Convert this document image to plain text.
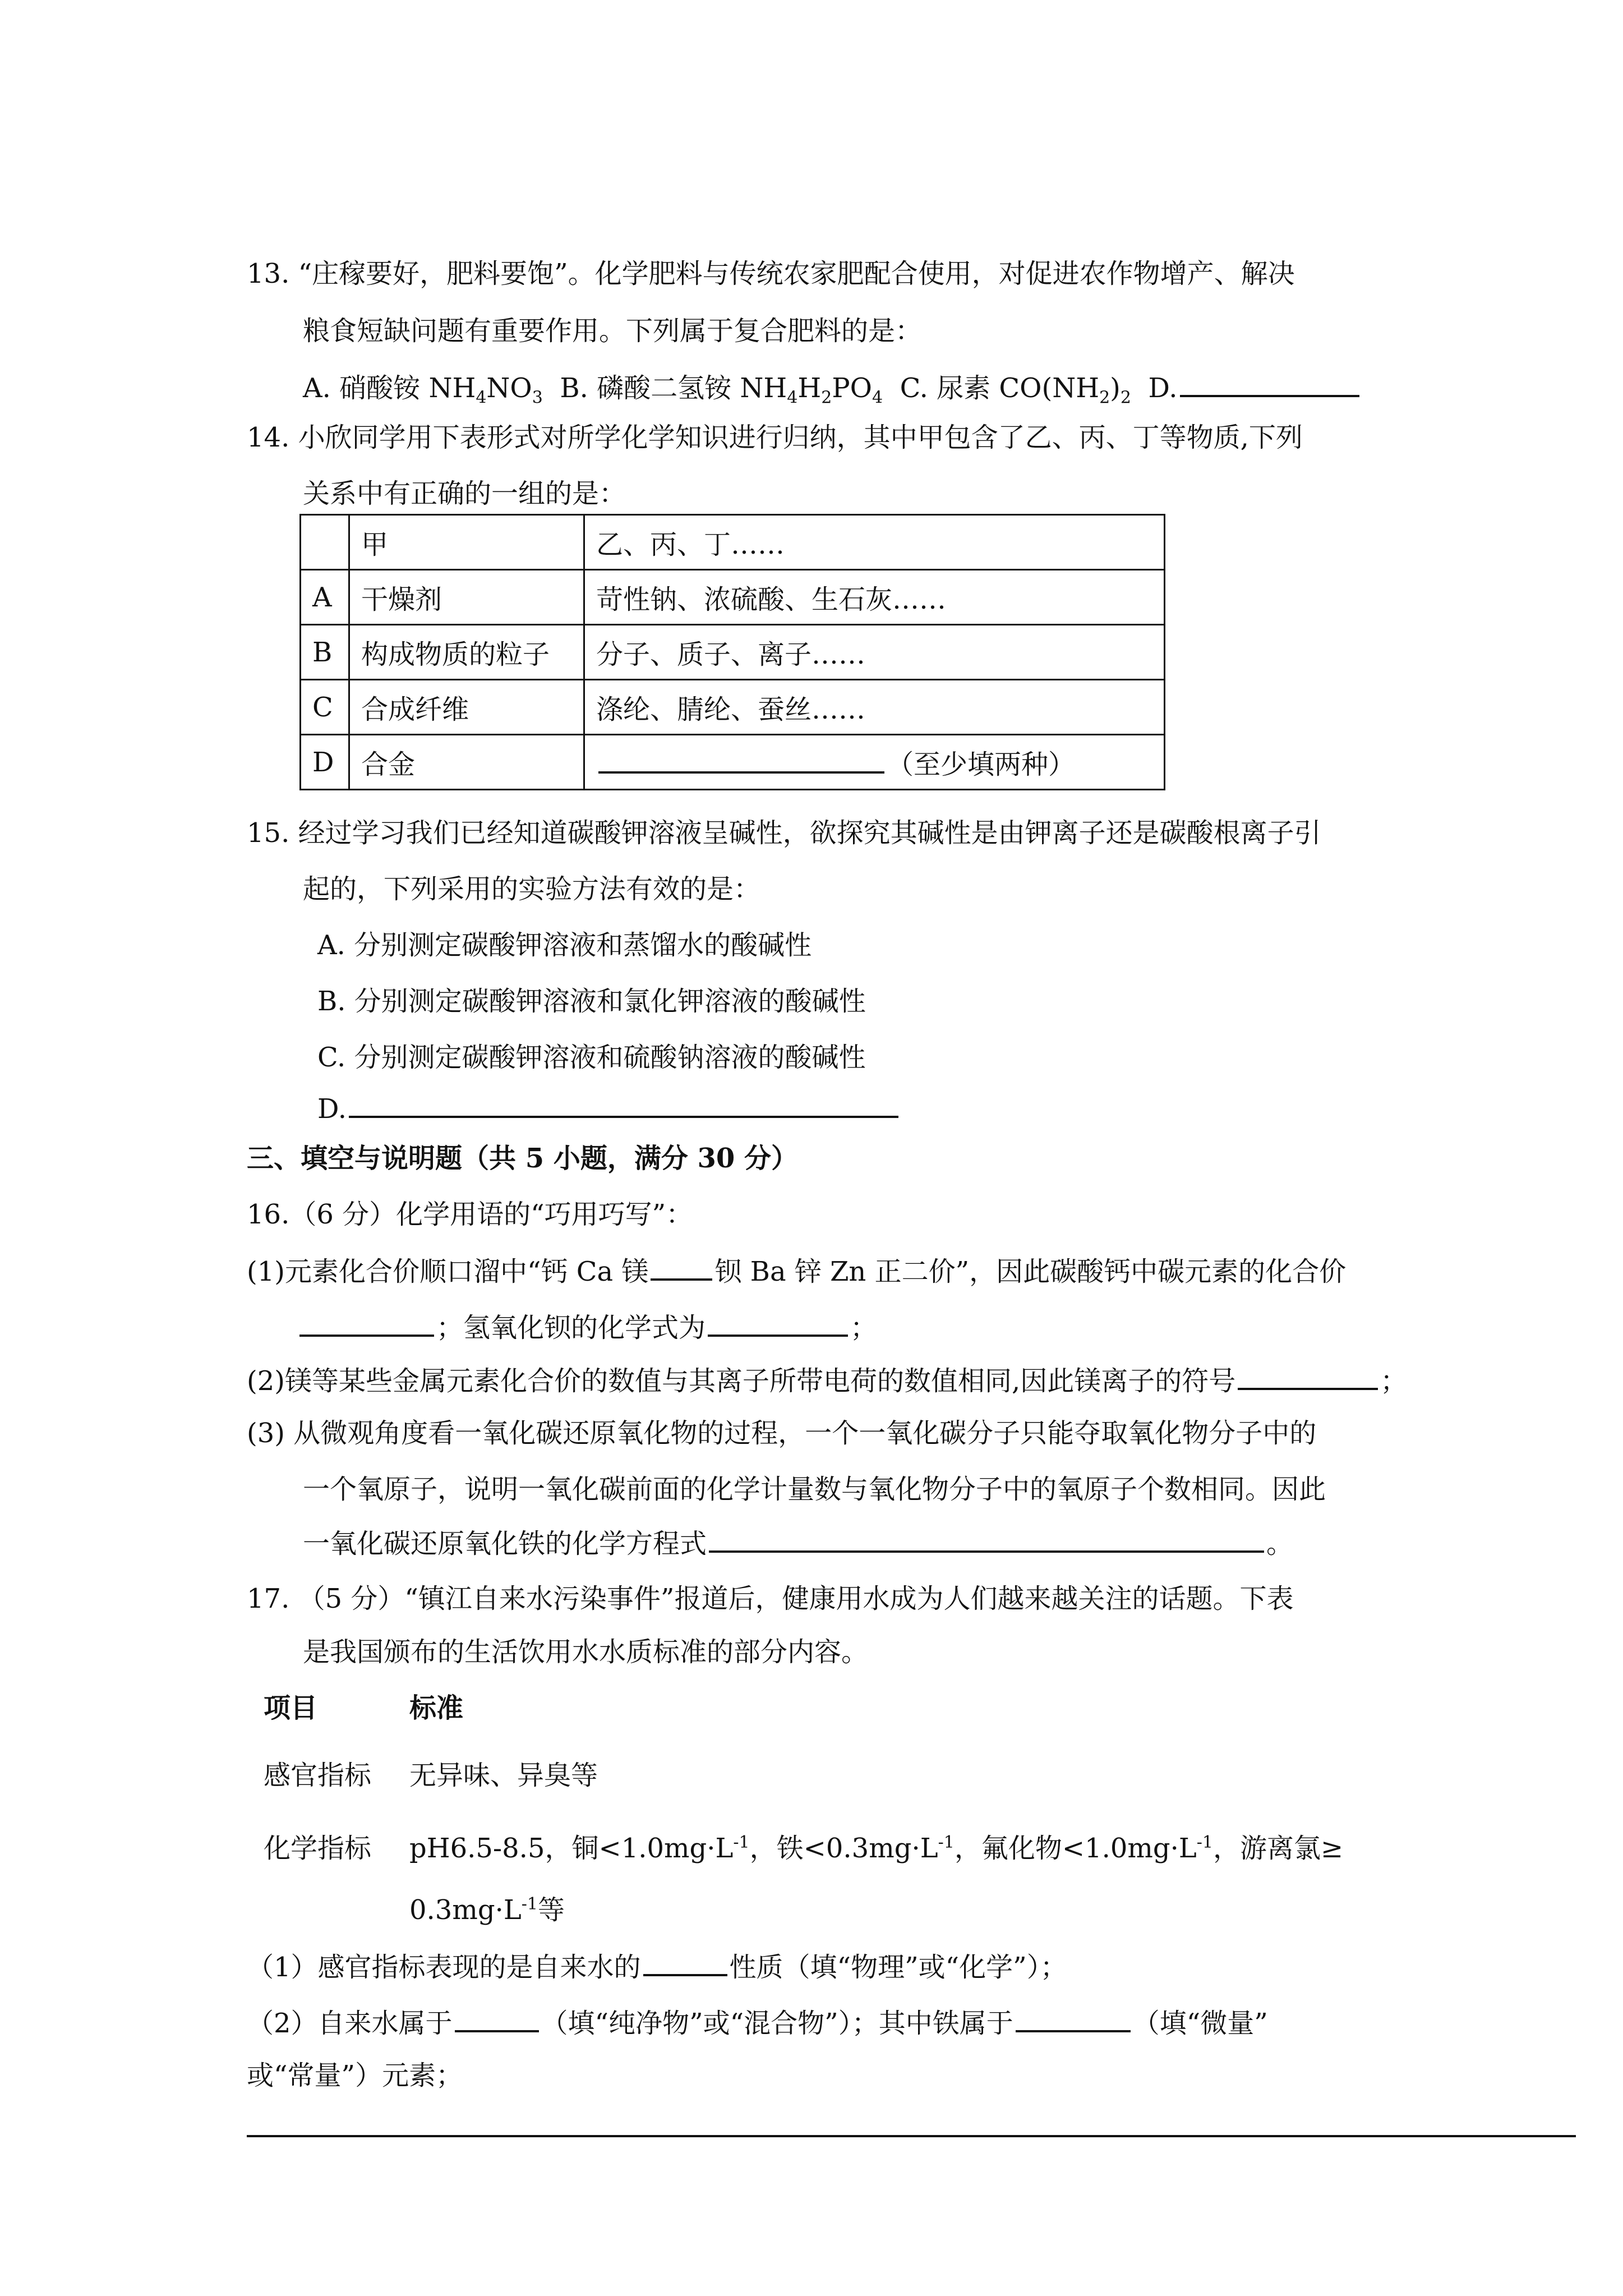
13. “庄稼要好，肥料要饱”。化学肥料与传统农家肥配合使用，对促进农作物增产、解决
粮食短缺问题有重要作用。下列属于复合肥料的是：
A. 硝酸铵 $NH_4NO_3$ B. 磷酸二氢铵 $NH_4H_2PO_4$ C. 尿素 $CO(NH_2)_2$ D.
14. 小欣同学用下表形式对所学化学知识进行归纳，其中甲包含了乙、丙、丁等物质,下列
关系中有正确的一组的是：
	甲	乙、丙、丁……
A	干燥剂	苛性钠、浓硫酸、生石灰……
B	构成物质的粒子	分子、质子、离子……
C	合成纤维	涤纶、腈纶、蚕丝……
D	合金	（至少填两种）
15. 经过学习我们已经知道碳酸钾溶液呈碱性，欲探究其碱性是由钾离子还是碳酸根离子引
起的，下列采用的实验方法有效的是：
A. 分别测定碳酸钾溶液和蒸馏水的酸碱性
B. 分别测定碳酸钾溶液和氯化钾溶液的酸碱性
C. 分别测定碳酸钾溶液和硫酸钠溶液的酸碱性
D.
三、填空与说明题（共 5 小题，满分 30 分）
16.（6 分）化学用语的“巧用巧写”：
(1)元素化合价顺口溜中“钙 Ca 镁 钡 Ba 锌 Zn 正二价”，因此碳酸钙中碳元素的化合价
；氢氧化钡的化学式为	；
(2)镁等某些金属元素化合价的数值与其离子所带电荷的数值相同,因此镁离子的符号	；
(3) 从微观角度看一氧化碳还原氧化物的过程，一个一氧化碳分子只能夺取氧化物分子中的
一个氧原子，说明一氧化碳前面的化学计量数与氧化物分子中的氧原子个数相同。因此
一氧化碳还原氧化铁的化学方程式	。
17. （5 分）“镇江自来水污染事件”报道后，健康用水成为人们越来越关注的话题。下表
是我国颁布的生活饮用水水质标准的部分内容。
项目	标准
感官指标 无异味、异臭等
化学指标 pH6.5-8.5，铜$<1.0mg\cdot L^{-1}$，铁$<0.3mg\cdot L^{-1}$，氟化物$<1.0mg\cdot L^{-1}$，游离氯≥
$0.3mg\cdot L^{-1}$等
（1）感官指标表现的是自来水的	性质（填“物理”或“化学”）；
（2）自来水属于	（填“纯净物”或“混合物”）；其中铁属于	（填“微量”
或“常量”）元素；
